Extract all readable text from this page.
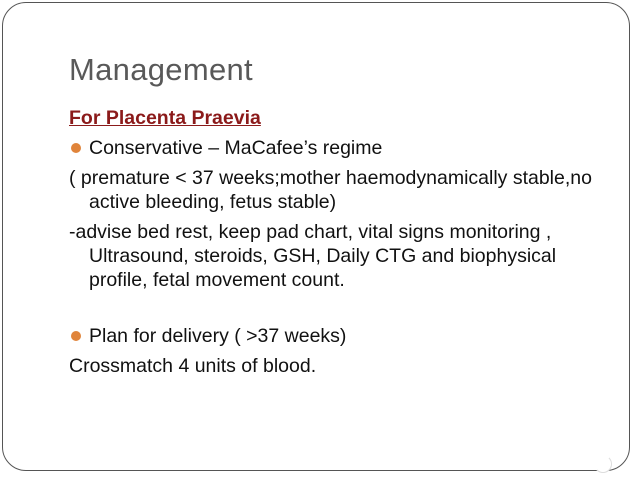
Management
For Placenta Praevia
Conservative – MaCafee’s regime
( premature < 37 weeks;mother haemodynamically stable,no active bleeding, fetus stable)
-advise bed rest, keep pad chart, vital signs monitoring , Ultrasound, steroids, GSH, Daily CTG and biophysical profile, fetal movement count.
Plan for delivery ( >37 weeks)
Crossmatch 4 units of blood.
